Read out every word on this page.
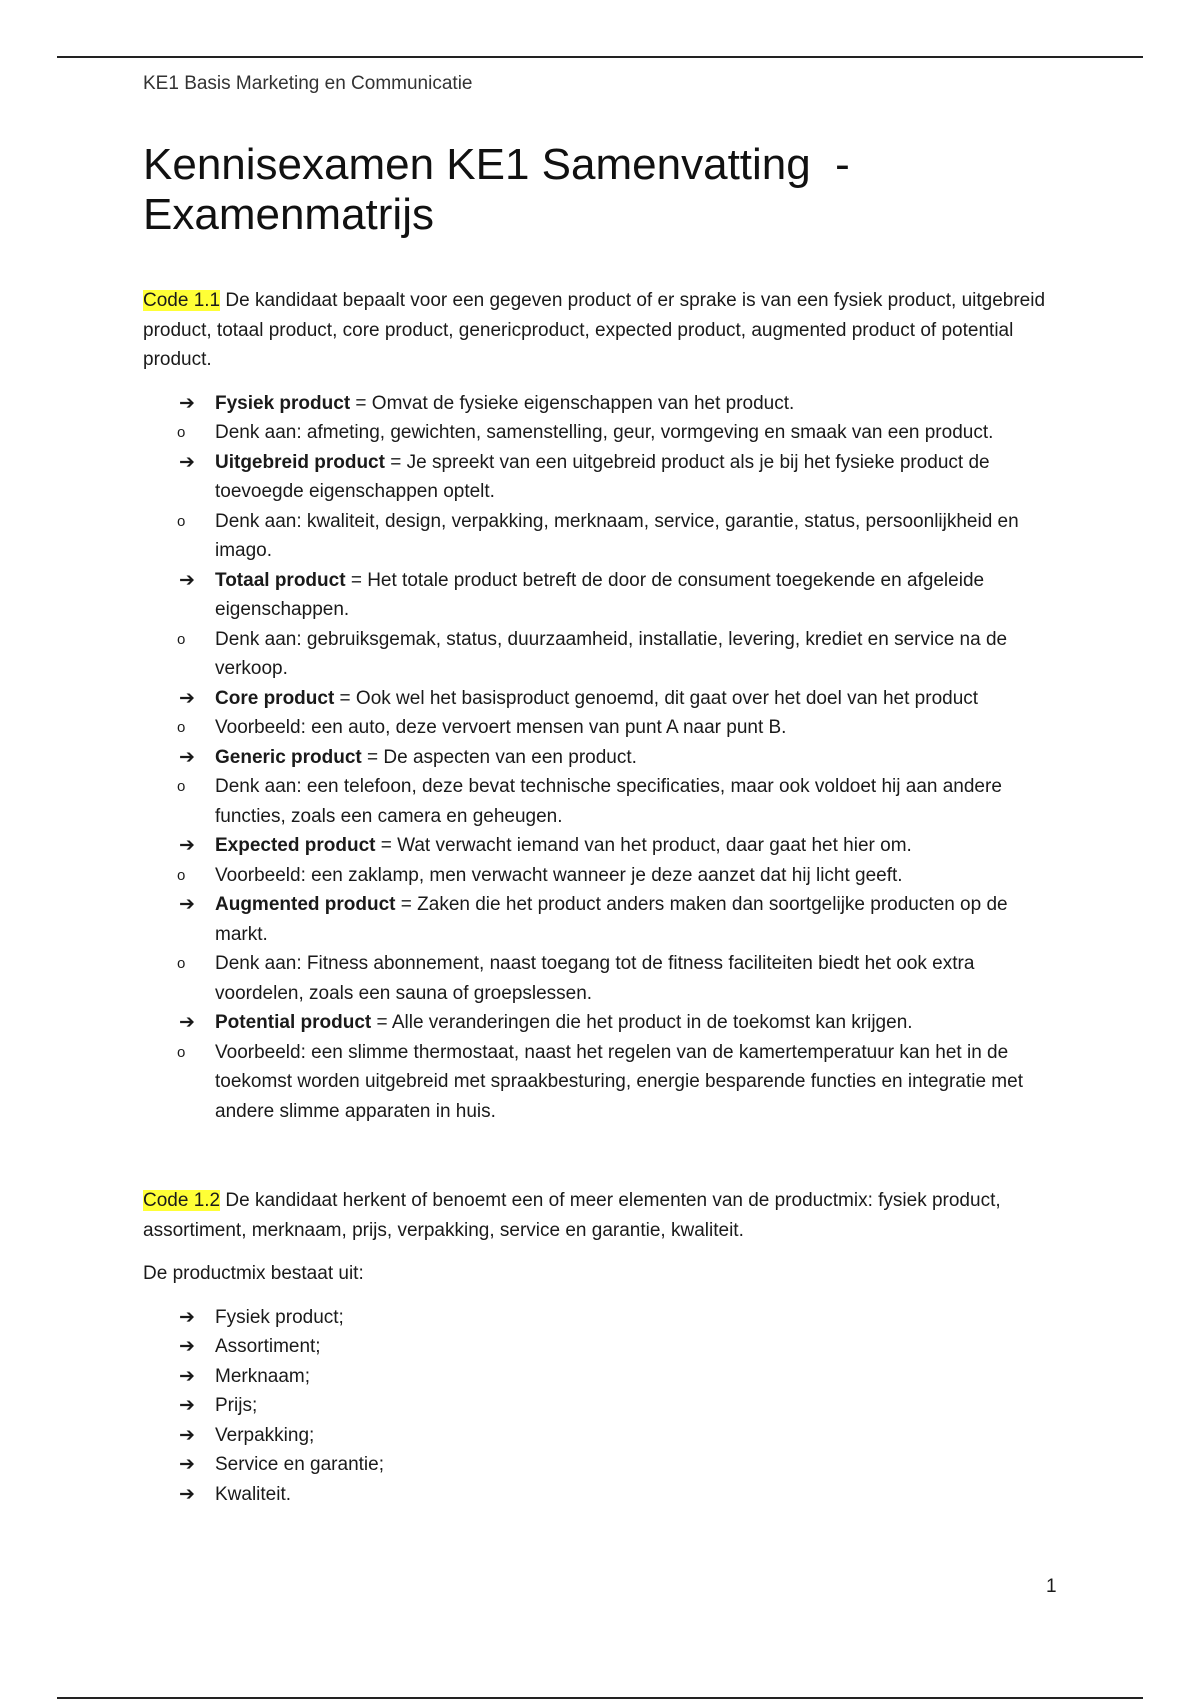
KE1 Basis Marketing en Communicatie
Kennisexamen KE1 Samenvatting  -
Examenmatrijs

Code 1.1 De kandidaat bepaalt voor een gegeven product of er sprake is van een fysiek product, uitgebreid product, totaal product, core product, genericproduct, expected product, augmented product of potential product.

➔ Fysiek product = Omvat de fysieke eigenschappen van het product.
o Denk aan: afmeting, gewichten, samenstelling, geur, vormgeving en smaak van een product.
➔ Uitgebreid product = Je spreekt van een uitgebreid product als je bij het fysieke product de toevoegde eigenschappen optelt.
o Denk aan: kwaliteit, design, verpakking, merknaam, service, garantie, status, persoonlijkheid en imago.
➔ Totaal product = Het totale product betreft de door de consument toegekende en afgeleide eigenschappen.
o Denk aan: gebruiksgemak, status, duurzaamheid, installatie, levering, krediet en service na de verkoop.
➔ Core product = Ook wel het basisproduct genoemd, dit gaat over het doel van het product
o Voorbeeld: een auto, deze vervoert mensen van punt A naar punt B.
➔ Generic product = De aspecten van een product.
o Denk aan: een telefoon, deze bevat technische specificaties, maar ook voldoet hij aan andere functies, zoals een camera en geheugen.
➔ Expected product = Wat verwacht iemand van het product, daar gaat het hier om.
o Voorbeeld: een zaklamp, men verwacht wanneer je deze aanzet dat hij licht geeft.
➔ Augmented product = Zaken die het product anders maken dan soortgelijke producten op de markt.
o Denk aan: Fitness abonnement, naast toegang tot de fitness faciliteiten biedt het ook extra voordelen, zoals een sauna of groepslessen.
➔ Potential product = Alle veranderingen die het product in de toekomst kan krijgen.
o Voorbeeld: een slimme thermostaat, naast het regelen van de kamertemperatuur kan het in de toekomst worden uitgebreid met spraakbesturing, energie besparende functies en integratie met andere slimme apparaten in huis.

Code 1.2 De kandidaat herkent of benoemt een of meer elementen van de productmix: fysiek product, assortiment, merknaam, prijs, verpakking, service en garantie, kwaliteit.

De productmix bestaat uit:

➔ Fysiek product;
➔ Assortiment;
➔ Merknaam;
➔ Prijs;
➔ Verpakking;
➔ Service en garantie;
➔ Kwaliteit.
1
